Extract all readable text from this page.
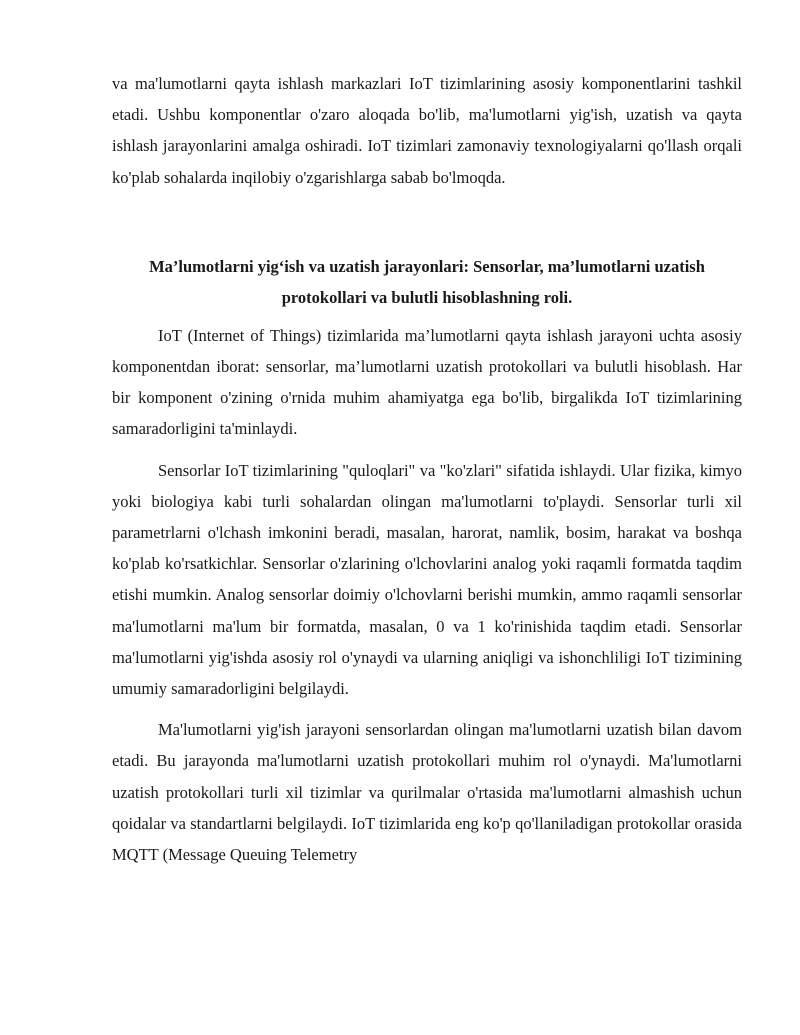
va ma'lumotlarni qayta ishlash markazlari IoT tizimlarining asosiy komponentlarini tashkil etadi. Ushbu komponentlar o'zaro aloqada bo'lib, ma'lumotlarni yig'ish, uzatish va qayta ishlash jarayonlarini amalga oshiradi. IoT tizimlari zamonaviy texnologiyalarni qo'llash orqali ko'plab sohalarda inqilobiy o'zgarishlarga sabab bo'lmoqda.

Ma’lumotlarni yig‘ish va uzatish jarayonlari: Sensorlar, ma’lumotlarni uzatish protokollari va bulutli hisoblashning roli.

IoT (Internet of Things) tizimlarida ma’lumotlarni qayta ishlash jarayoni uchta asosiy komponentdan iborat: sensorlar, ma’lumotlarni uzatish protokollari va bulutli hisoblash. Har bir komponent o'zining o'rnida muhim ahamiyatga ega bo'lib, birgalikda IoT tizimlarining samaradorligini ta'minlaydi.

Sensorlar IoT tizimlarining "quloqlari" va "ko'zlari" sifatida ishlaydi. Ular fizika, kimyo yoki biologiya kabi turli sohalardan olingan ma'lumotlarni to'playdi. Sensorlar turli xil parametrlarni o'lchash imkonini beradi, masalan, harorat, namlik, bosim, harakat va boshqa ko'plab ko'rsatkichlar. Sensorlar o'zlarining o'lchovlarini analog yoki raqamli formatda taqdim etishi mumkin. Analog sensorlar doimiy o'lchovlarni berishi mumkin, ammo raqamli sensorlar ma'lumotlarni ma'lum bir formatda, masalan, 0 va 1 ko'rinishida taqdim etadi. Sensorlar ma'lumotlarni yig'ishda asosiy rol o'ynaydi va ularning aniqligi va ishonchliligi IoT tizimining umumiy samaradorligini belgilaydi.

Ma'lumotlarni yig'ish jarayoni sensorlardan olingan ma'lumotlarni uzatish bilan davom etadi. Bu jarayonda ma'lumotlarni uzatish protokollari muhim rol o'ynaydi. Ma'lumotlarni uzatish protokollari turli xil tizimlar va qurilmalar o'rtasida ma'lumotlarni almashish uchun qoidalar va standartlarni belgilaydi. IoT tizimlarida eng ko'p qo'llaniladigan protokollar orasida MQTT (Message Queuing Telemetry
